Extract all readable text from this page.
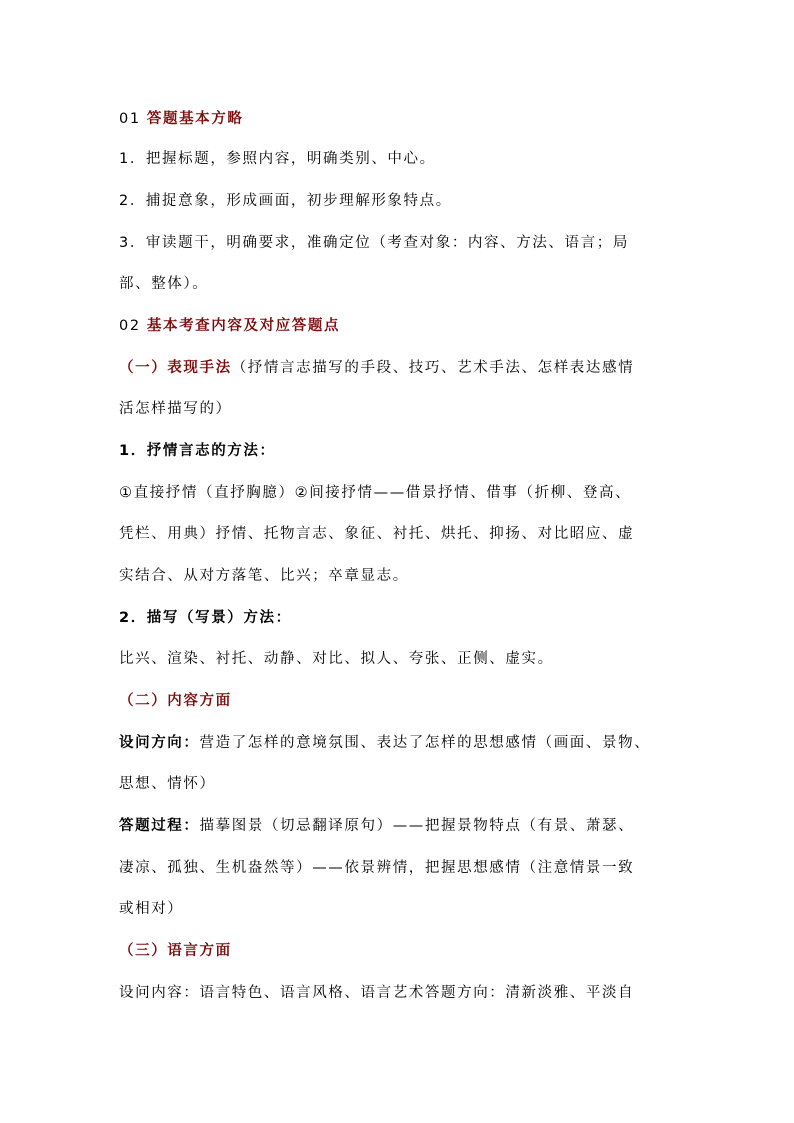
01 答题基本方略
1．把握标题，参照内容，明确类别、中心。
2．捕捉意象，形成画面，初步理解形象特点。
3．审读题干，明确要求，准确定位（考查对象：内容、方法、语言；局
部、整体）。
02 基本考查内容及对应答题点
（一）表现手法（抒情言志描写的手段、技巧、艺术手法、怎样表达感情
活怎样描写的）
1．抒情言志的方法：
①直接抒情（直抒胸臆）②间接抒情——借景抒情、借事（折柳、登高、
凭栏、用典）抒情、托物言志、象征、衬托、烘托、抑扬、对比昭应、虚
实结合、从对方落笔、比兴；卒章显志。
2．描写（写景）方法：
比兴、渲染、衬托、动静、对比、拟人、夸张、正侧、虚实。
（二）内容方面
设问方向：营造了怎样的意境氛围、表达了怎样的思想感情（画面、景物、
思想、情怀）
答题过程：描摹图景（切忌翻译原句）——把握景物特点（有景、萧瑟、
凄凉、孤独、生机盎然等）——依景辨情，把握思想感情（注意情景一致
或相对）
（三）语言方面
设问内容：语言特色、语言风格、语言艺术答题方向：清新淡雅、平淡自
